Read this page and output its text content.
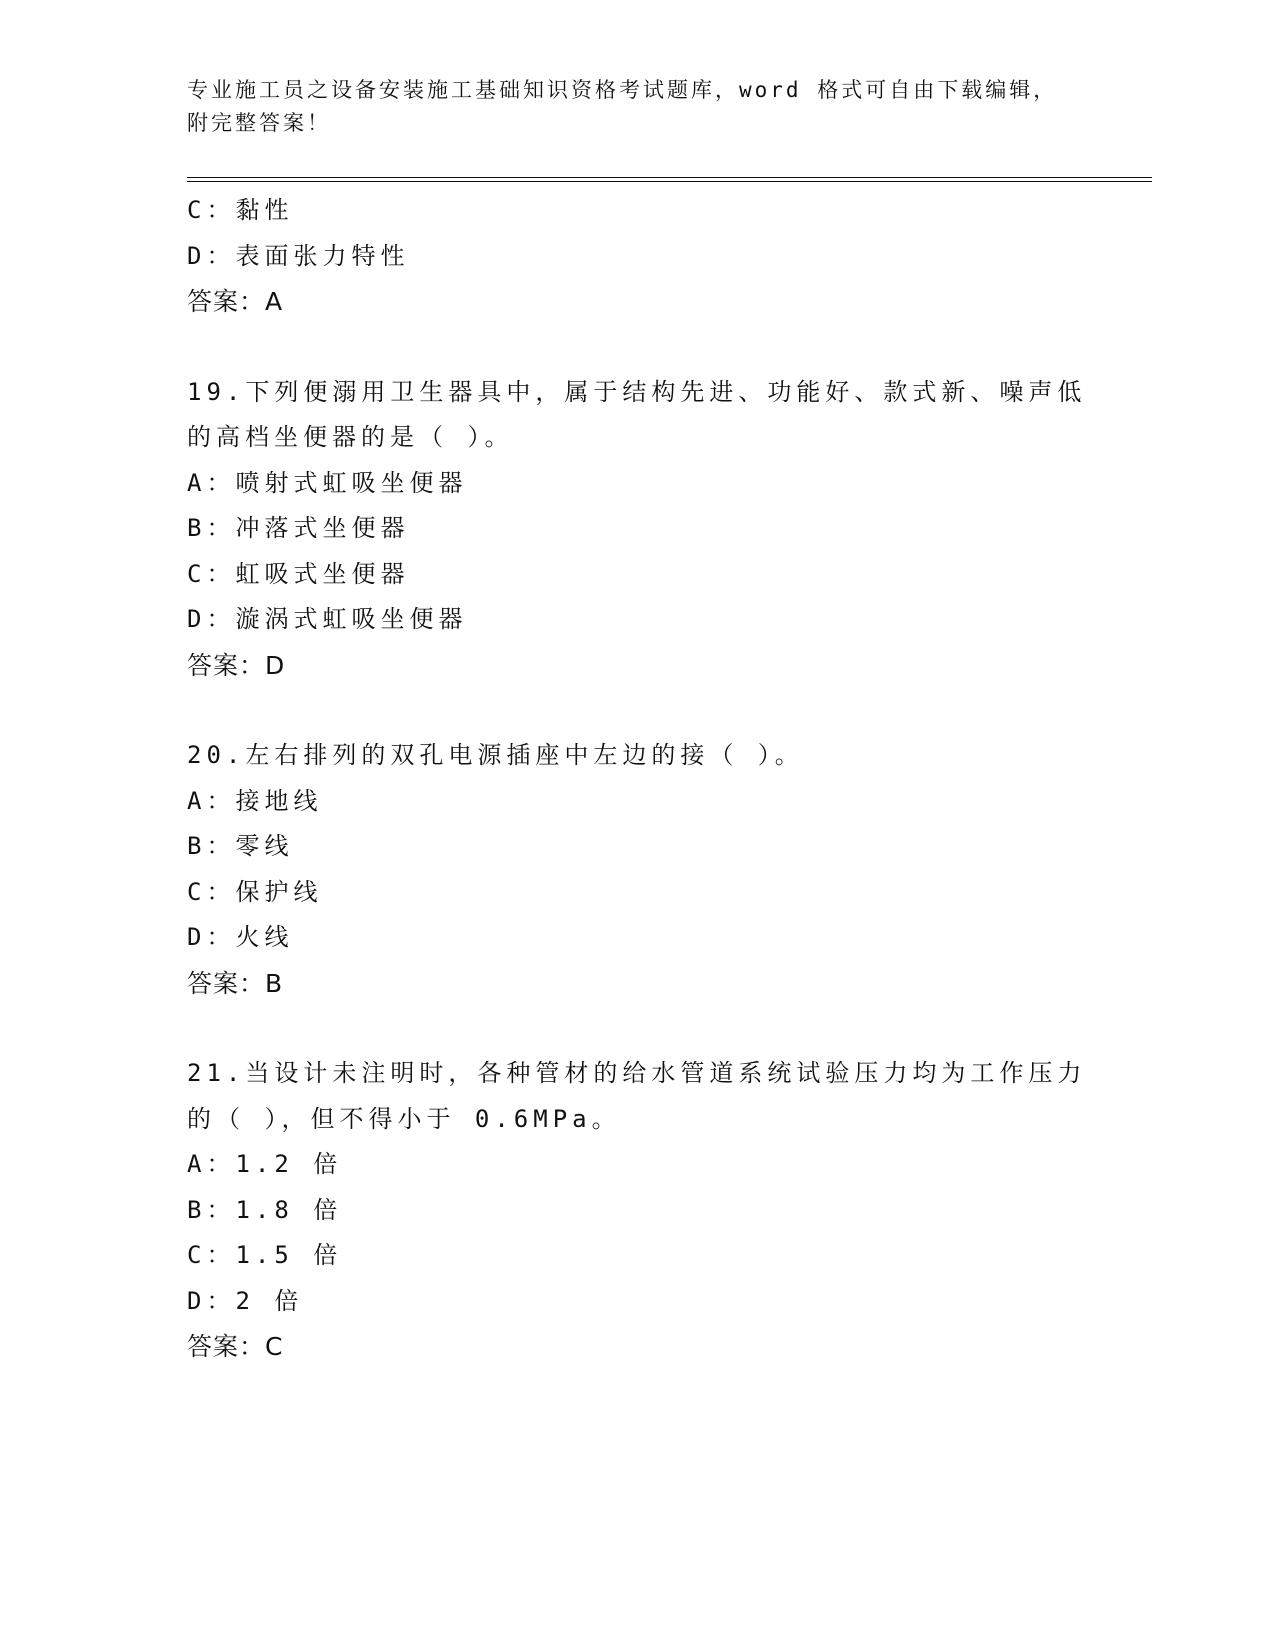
专业施工员之设备安装施工基础知识资格考试题库，word 格式可自由下载编辑，
附完整答案！
C：黏性
D：表面张力特性
答案：A
19.下列便溺用卫生器具中，属于结构先进、功能好、款式新、噪声低
的高档坐便器的是（ ）。
A：喷射式虹吸坐便器
B：冲落式坐便器
C：虹吸式坐便器
D：漩涡式虹吸坐便器
答案：D
20.左右排列的双孔电源插座中左边的接（ ）。
A：接地线
B：零线
C：保护线
D：火线
答案：B
21.当设计未注明时，各种管材的给水管道系统试验压力均为工作压力
的（ ），但不得小于 0.6MPa。
A：1.2 倍
B：1.8 倍
C：1.5 倍
D：2 倍
答案：C
